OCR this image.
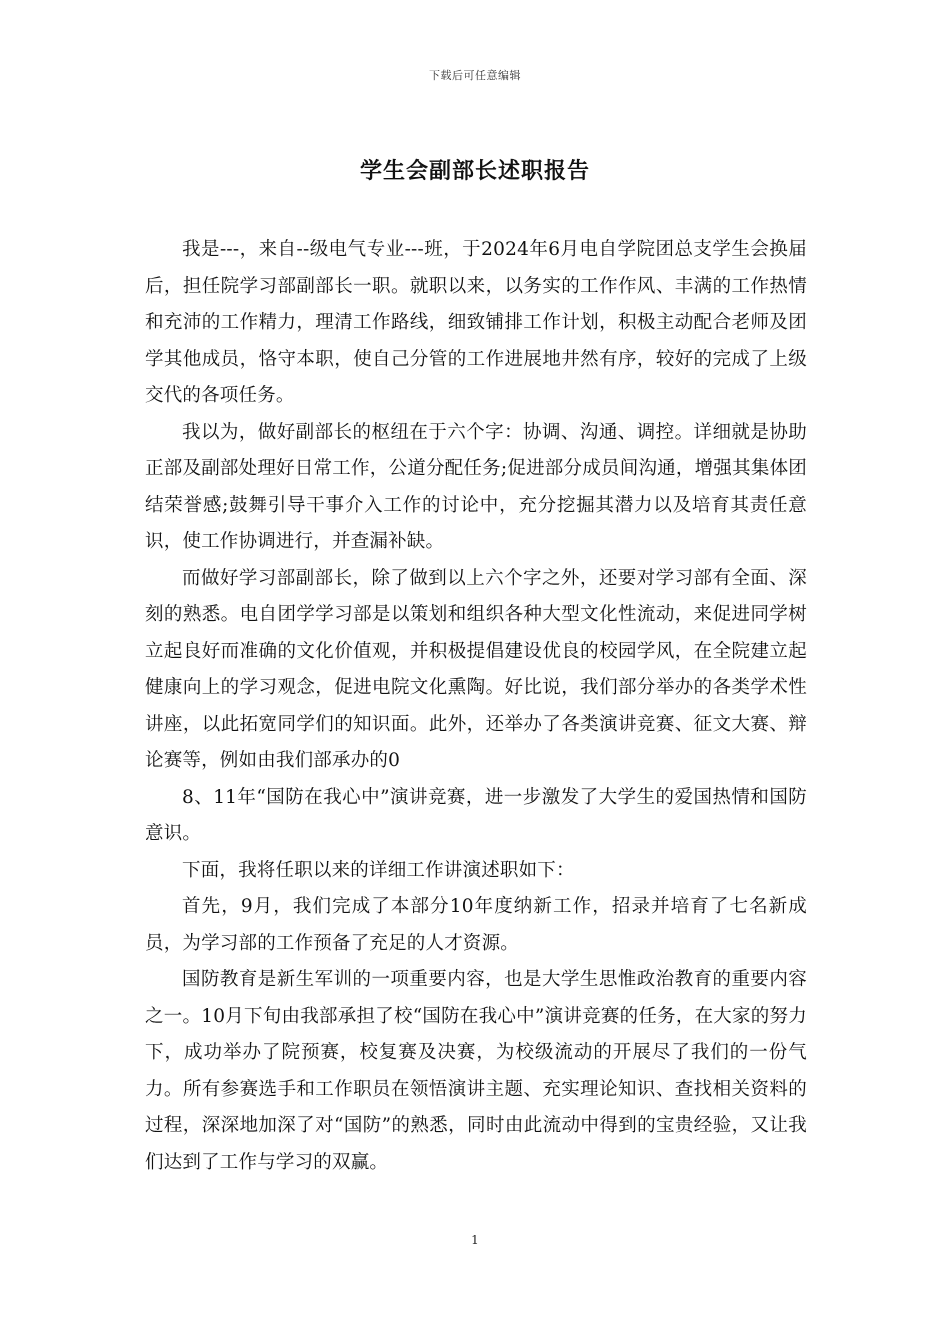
下载后可任意编辑
学生会副部长述职报告

我是---，来自--级电气专业---班，于2024年6月电自学院团总支学生会换届后，担任院学习部副部长一职。就职以来，以务实的工作作风、丰满的工作热情和充沛的工作精力，理清工作路线，细致铺排工作计划，积极主动配合老师及团学其他成员，恪守本职，使自己分管的工作进展地井然有序，较好的完成了上级交代的各项任务。

我以为，做好副部长的枢纽在于六个字：协调、沟通、调控。详细就是协助正部及副部处理好日常工作，公道分配任务;促进部分成员间沟通，增强其集体团结荣誉感;鼓舞引导干事介入工作的讨论中，充分挖掘其潜力以及培育其责任意识，使工作协调进行，并查漏补缺。

而做好学习部副部长，除了做到以上六个字之外，还要对学习部有全面、深刻的熟悉。电自团学学习部是以策划和组织各种大型文化性流动，来促进同学树立起良好而准确的文化价值观，并积极提倡建设优良的校园学风，在全院建立起健康向上的学习观念，促进电院文化熏陶。好比说，我们部分举办的各类学术性讲座，以此拓宽同学们的知识面。此外，还举办了各类演讲竞赛、征文大赛、辩论赛等，例如由我们部承办的0

8、11年“国防在我心中”演讲竞赛，进一步激发了大学生的爱国热情和国防意识。

下面，我将任职以来的详细工作讲演述职如下：

首先，9月，我们完成了本部分10年度纳新工作，招录并培育了七名新成员，为学习部的工作预备了充足的人才资源。

国防教育是新生军训的一项重要内容，也是大学生思惟政治教育的重要内容之一。10月下旬由我部承担了校“国防在我心中”演讲竞赛的任务，在大家的努力下，成功举办了院预赛，校复赛及决赛，为校级流动的开展尽了我们的一份气力。所有参赛选手和工作职员在领悟演讲主题、充实理论知识、查找相关资料的过程，深深地加深了对“国防”的熟悉，同时由此流动中得到的宝贵经验，又让我们达到了工作与学习的双赢。

1
